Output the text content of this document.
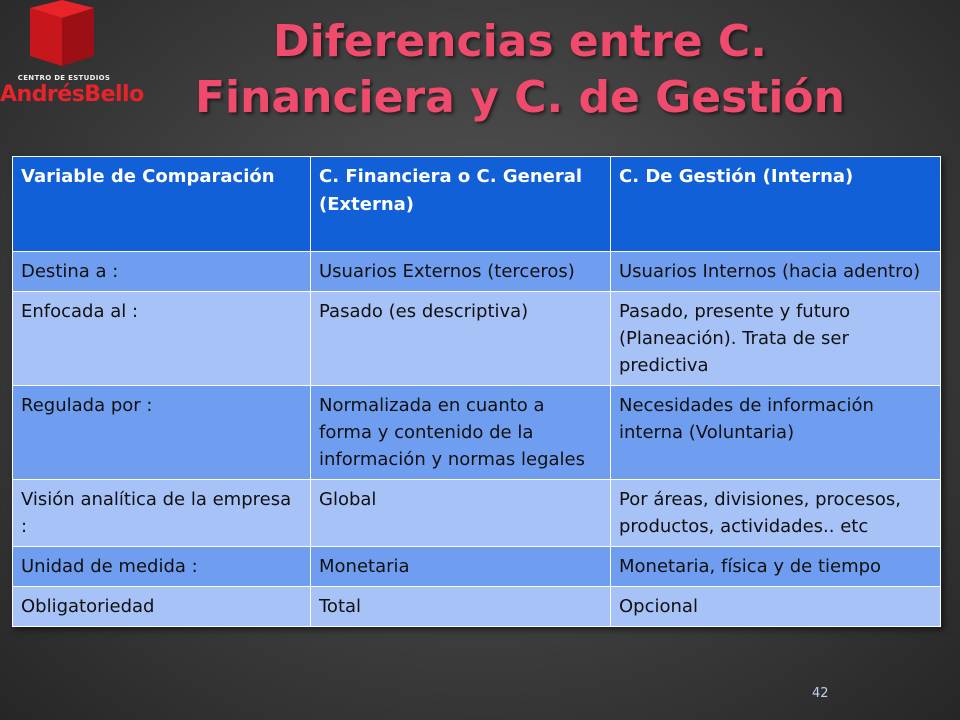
CENTRO DE ESTUDIOS
AndrésBello
Diferencias entre C.
Financiera y C. de Gestión
Variable de Comparación	C. Financiera o C. General (Externa)	C. De Gestión (Interna)
Destina a :	Usuarios Externos (terceros)	Usuarios Internos (hacia adentro)
Enfocada al :	Pasado (es descriptiva)	Pasado, presente y futuro (Planeación). Trata de ser predictiva
Regulada por :	Normalizada en cuanto a forma y contenido de la información y normas legales	Necesidades de información interna (Voluntaria)
Visión analítica de la empresa :	Global	Por áreas, divisiones, procesos, productos, actividades.. etc
Unidad de medida :	Monetaria	Monetaria, física y de tiempo
Obligatoriedad	Total	Opcional
42
